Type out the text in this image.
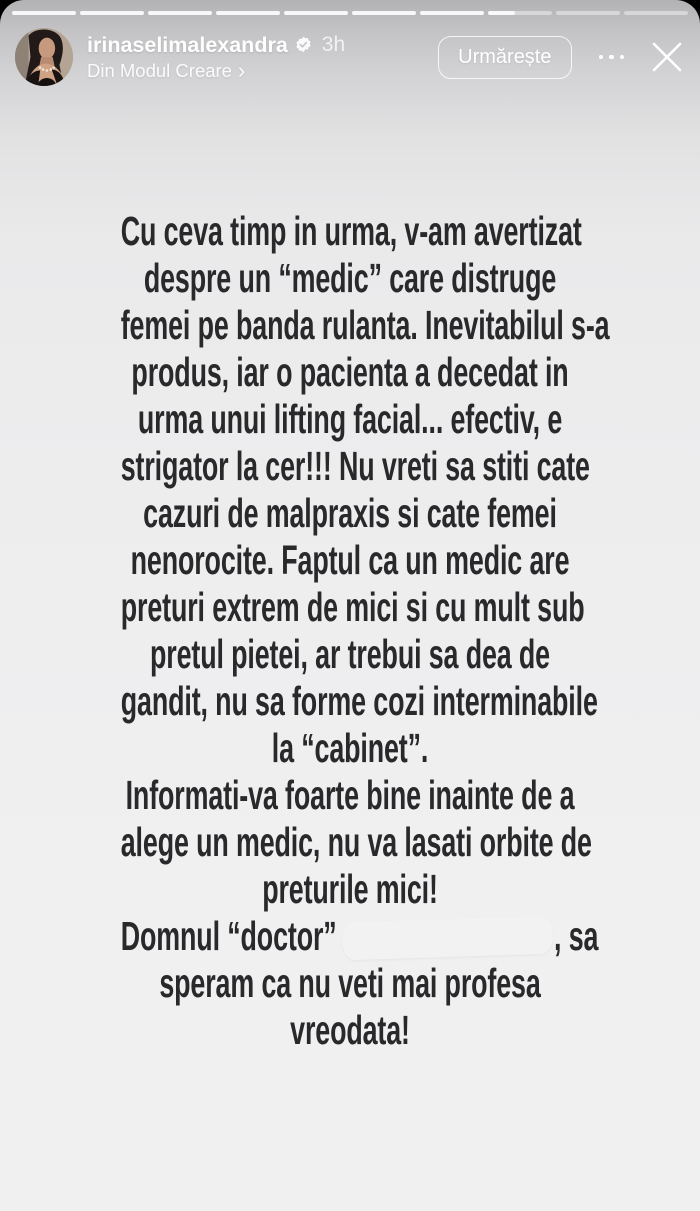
irinaselimalexandra 3h
Din Modul Creare ›
Urmărește
Cu ceva timp in urma, v-am avertizat
despre un “medic” care distruge
femei pe banda rulanta. Inevitabilul s-a
produs, iar o pacienta a decedat in
urma unui lifting facial... efectiv, e
strigator la cer!!! Nu vreti sa stiti cate
cazuri de malpraxis si cate femei
nenorocite. Faptul ca un medic are
preturi extrem de mici si cu mult sub
pretul pietei, ar trebui sa dea de
gandit, nu sa forme cozi interminabile
la “cabinet”.
Informati-va foarte bine inainte de a
alege un medic, nu va lasati orbite de
preturile mici!
Domnul “doctor”	, sa
speram ca nu veti mai profesa
vreodata!
